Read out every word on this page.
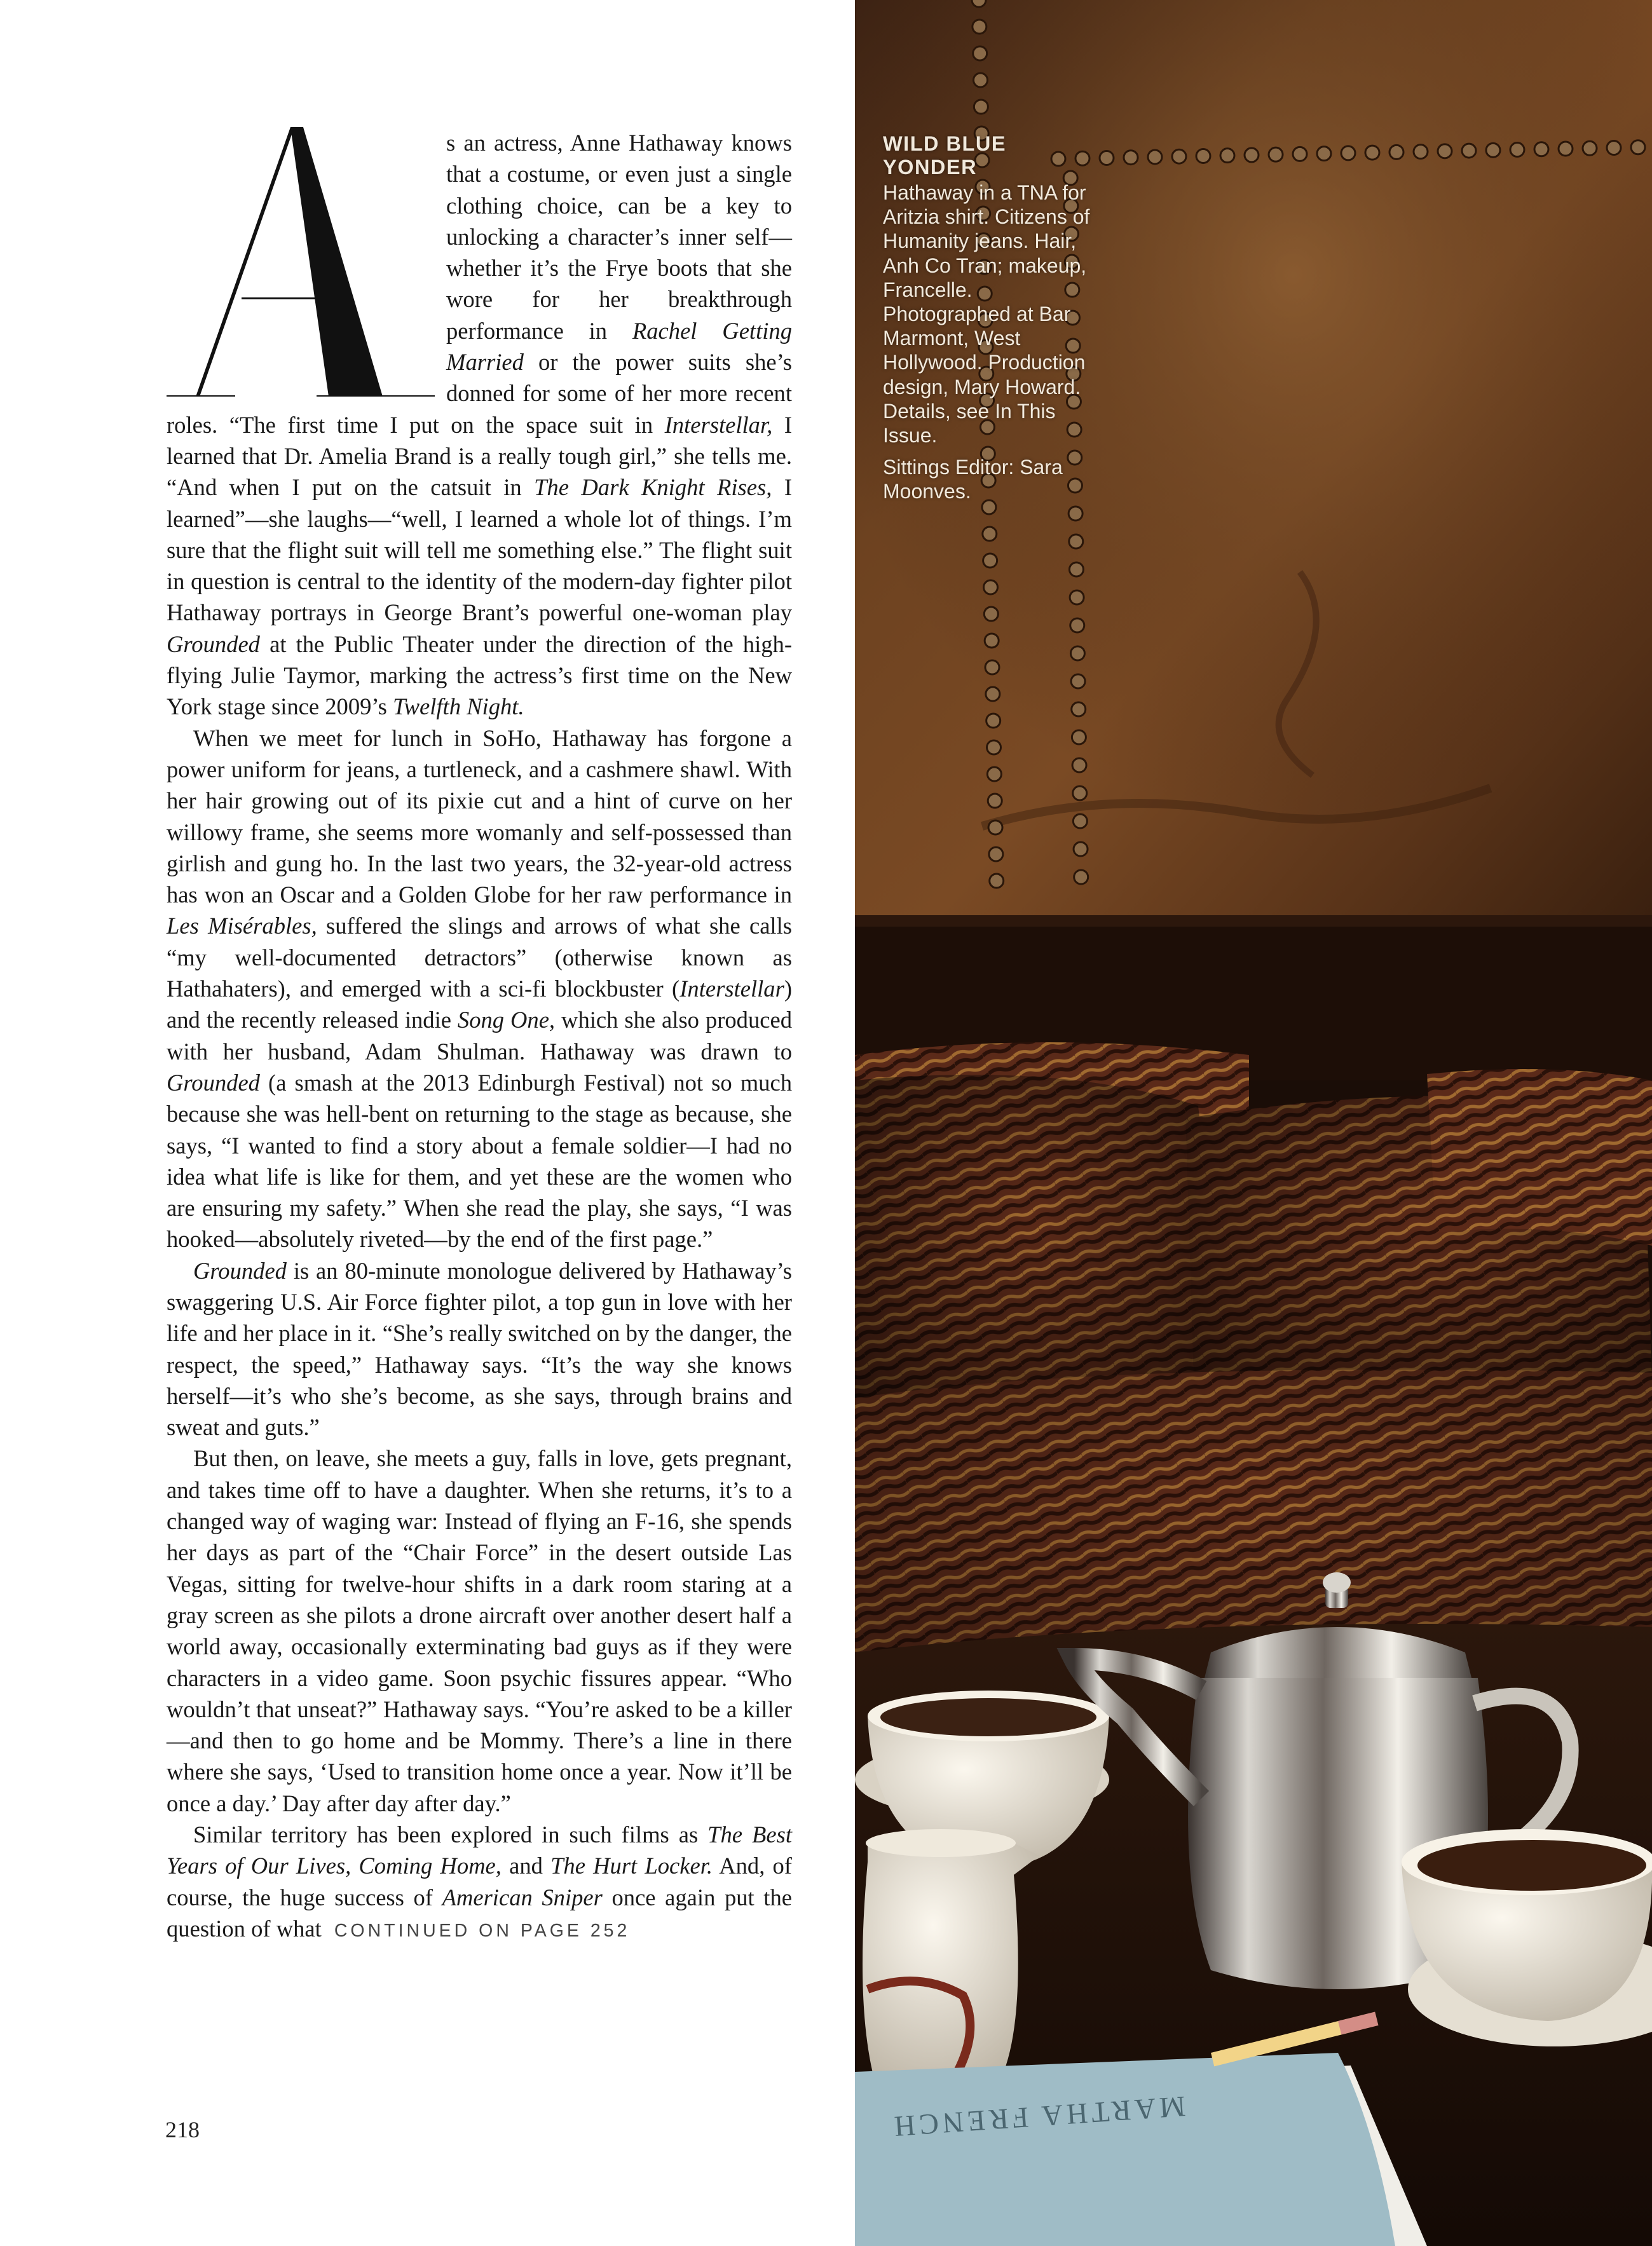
s an actress, Anne Hathaway knows that a costume, or even just a single clothing choice, can be a key to unlocking a character’s inner self—whether it’s the Frye boots that she wore for her breakthrough performance in Rachel Getting Married or the power suits she’s donned for some of her more recent roles. “The first time I put on the space suit in Interstellar, I learned that Dr. Amelia Brand is a really tough girl,” she tells me. “And when I put on the catsuit in The Dark Knight Rises, I learned”—she laughs—“well, I learned a whole lot of things. I’m sure that the flight suit will tell me something else.” The flight suit in question is central to the identity of the modern-day fighter pilot Hathaway portrays in George Brant’s powerful one-woman play Grounded at the Public Theater under the direction of the high-flying Julie Taymor, marking the actress’s first time on the New York stage since 2009’s Twelfth Night.

When we meet for lunch in SoHo, Hathaway has forgone a power uniform for jeans, a turtleneck, and a cashmere shawl. With her hair growing out of its pixie cut and a hint of curve on her willowy frame, she seems more womanly and self-possessed than girlish and gung ho. In the last two years, the 32-year-old actress has won an Oscar and a Golden Globe for her raw performance in Les Misérables, suffered the slings and arrows of what she calls “my well-documented detractors” (otherwise known as Hathahaters), and emerged with a sci-fi blockbuster (Interstellar) and the recently released indie Song One, which she also produced with her husband, Adam Shulman. Hathaway was drawn to Grounded (a smash at the 2013 Edinburgh Festival) not so much because she was hell-bent on returning to the stage as because, she says, “I wanted to find a story about a female soldier—I had no idea what life is like for them, and yet these are the women who are ensuring my safety.” When she read the play, she says, “I was hooked—absolutely riveted—by the end of the first page.”

Grounded is an 80-minute monologue delivered by Hathaway’s swaggering U.S. Air Force fighter pilot, a top gun in love with her life and her place in it. “She’s really switched on by the danger, the respect, the speed,” Hathaway says. “It’s the way she knows herself—it’s who she’s become, as she says, through brains and sweat and guts.”

But then, on leave, she meets a guy, falls in love, gets pregnant, and takes time off to have a daughter. When she returns, it’s to a changed way of waging war: Instead of flying an F-16, she spends her days as part of the “Chair Force” in the desert outside Las Vegas, sitting for twelve-hour shifts in a dark room staring at a gray screen as she pilots a drone aircraft over another desert half a world away, occasionally exterminating bad guys as if they were characters in a video game. Soon psychic fissures appear. “Who wouldn’t that unseat?” Hathaway says. “You’re asked to be a killer—and then to go home and be Mommy. There’s a line in there where she says, ‘Used to transition home once a year. Now it’ll be once a day.’ Day after day after day.”

Similar territory has been explored in such films as The Best Years of Our Lives, Coming Home, and The Hurt Locker. And, of course, the huge success of American Sniper once again put the question of what CONTINUED ON PAGE 252

218	MARTHA FRENCH
WILD BLUE YONDER

Hathaway in a TNA for Aritzia shirt. Citizens of Humanity jeans. Hair, Anh Co Tran; makeup, Francelle. Photographed at Bar Marmont, West Hollywood. Production design, Mary Howard. Details, see In This Issue.

Sittings Editor: Sara Moonves.
